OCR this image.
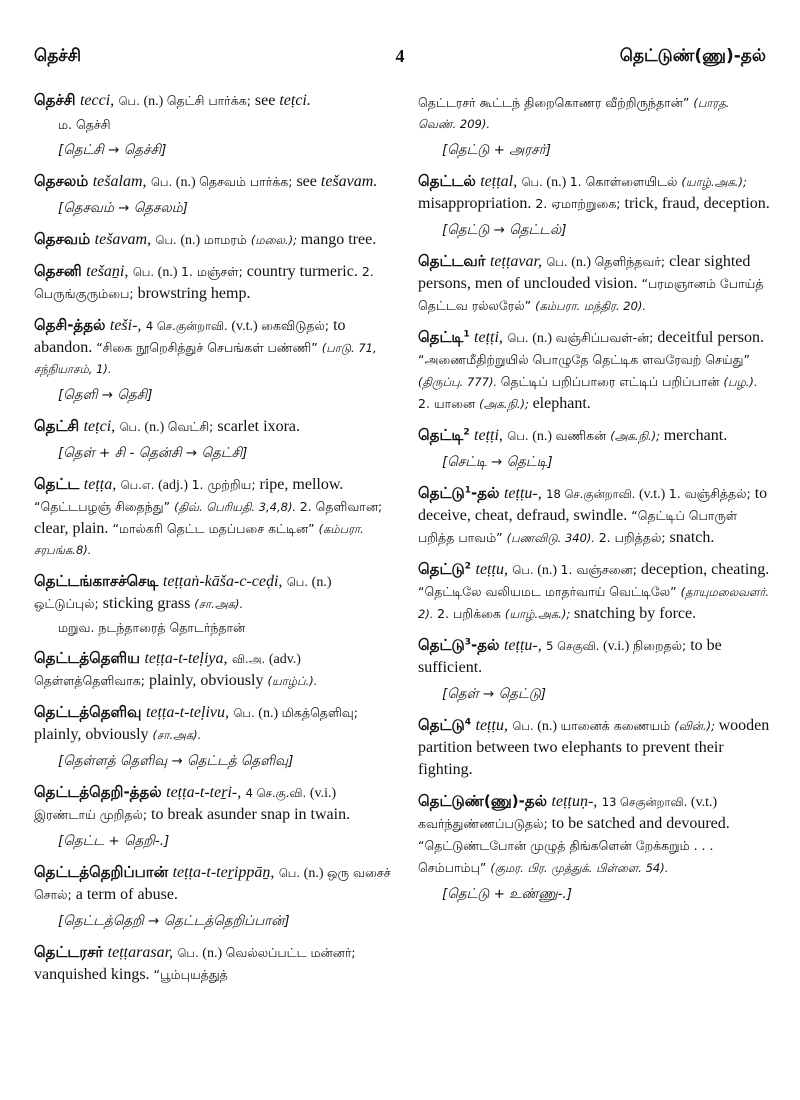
தெச்சி	4	தெட்டுண்(ணு)-தல்

தெச்சி tecci, பெ. (n.) தெட்சி பார்க்க; see teṭci.

ம. தெச்சி

[தெட்சி → தெச்சி]

தெசலம் tešalam, பெ. (n.) தெசவம் பார்க்க; see tešavam.

[தெசவம் → தெசலம்]

தெசவம் tešavam, பெ. (n.) மாமரம் (மலை.); mango tree.

தெசனி tešaṉi, பெ. (n.) 1. மஞ்சள்; country turmeric. 2. பெருங்குரும்பை; browstring hemp.

தெசி-த்தல் teši-, 4 செ.குன்றாவி. (v.t.) கைவிடுதல்; to abandon. “சிகை நூறெசித்துச் செபங்கள் பண்ணி” (பாடு. 71, சந்நியாசம், 1).

[தெளி → தெசி]

தெட்சி teṭci, பெ. (n.) வெட்சி; scarlet ixora.

[தெள் + சி - தென்சி → தெட்சி]

தெட்ட teṭṭa, பெ.எ. (adj.) 1. முற்றிய; ripe, mellow. “தெட்டபழஞ் சிதைந்து” (திவ். பெரியதி. 3,4,8). 2. தெளிவான; clear, plain. “மால்கரி தெட்ட மதப்பசை கட்டின” (கம்பரா. சரபங்க.8).

தெட்டங்காசச்செடி teṭṭaṅ-kāša-c-ceḍi, பெ. (n.) ஒட்டுப்புல்; sticking grass (சா.அக).

மறுவ. நடந்தாரைத் தொடர்ந்தான்

தெட்டத்தெளிய teṭṭa-t-teḷiya, வி.அ. (adv.) தெள்ளத்தெளிவாக; plainly, obviously (யாழ்ப்.).

தெட்டத்தெளிவு teṭṭa-t-teḷivu, பெ. (n.) மிகத்தெளிவு; plainly, obviously (சா.அக).

[தெள்ளத் தெளிவு → தெட்டத் தெளிவு]

தெட்டத்தெறி-த்தல் teṭṭa-t-teṟi-, 4 செ.கு.வி. (v.i.) இரண்டாய் முறிதல்; to break asunder snap in twain.

[தெட்ட + தெறி-.]

தெட்டத்தெறிப்பான் teṭṭa-t-teṟippāṉ, பெ. (n.) ஒரு வசைச் சொல்; a term of abuse.

[தெட்டத்தெறி → தெட்டத்தெறிப்பான்]

தெட்டரசர் teṭṭarasar, பெ. (n.) வெல்லப்பட்ட மன்னர்; vanquished kings. “பூம்புயத்துத்

தெட்டரசர் கூட்டந் திறைகொணர வீற்றிருந்தான்” (பாரத. வெண். 209).

[தெட்டு + அரசர்]

தெட்டல் teṭṭal, பெ. (n.) 1. கொள்ளையிடல் (யாழ்.அக.); misappropriation. 2. ஏமாற்றுகை; trick, fraud, deception.

[தெட்டு → தெட்டல்]

தெட்டவர் teṭṭavar, பெ. (n.) தெளிந்தவர்; clear sighted persons, men of unclouded vision. “பரமஞானம் போய்த் தெட்டவ ரல்லரேல்” (கம்பரா. மந்திர. 20).

தெட்டி$^1$ teṭṭi, பெ. (n.) வஞ்சிப்பவள்-ன்; deceitful person. “அணைமீதிற்றுயில் பொழுதே தெட்டிக ளவரேவற் செய்து” (திருப்பு. 777). தெட்டிப் பறிப்பாரை எட்டிப் பறிப்பான் (பழ.). 2. யானை (அக.நி.); elephant.

தெட்டி$^2$ teṭṭi, பெ. (n.) வணிகன் (அக.நி.); merchant.

[செட்டி → தெட்டி]

தெட்டு$^1$-தல் teṭṭu-, 18 செ.குன்றாவி. (v.t.) 1. வஞ்சித்தல்; to deceive, cheat, defraud, swindle. “தெட்டிப் பொருள் பறித்த பாவம்” (பணவிடு. 340). 2. பறித்தல்; snatch.

தெட்டு$^2$ teṭṭu, பெ. (n.) 1. வஞ்சனை; deception, cheating. “தெட்டிலே வலியமட மாதர்வாய் வெட்டிலே” (தாயுமலைவளர். 2). 2. பறிக்கை (யாழ்.அக.); snatching by force.

தெட்டு$^3$-தல் teṭṭu-, 5 செகுவி. (v.i.) நிறைதல்; to be sufficient.

[தெள் → தெட்டு]

தெட்டு$^4$ teṭṭu, பெ. (n.) யானைக் கணையம் (வின்.); wooden partition between two elephants to prevent their fighting.

தெட்டுண்(ணு)-தல் teṭṭuṇ-, 13 செகுன்றாவி. (v.t.) கவர்ந்துண்ணப்படுதல்; to be satched and devoured. “தெட்டுண்டபோன் முழுத் திங்களென் றேக்கறும் . . . செம்பாம்பு” (குமர. பிர. முத்துக். பிள்ளை. 54).

[தெட்டு + உண்ணு-.]
